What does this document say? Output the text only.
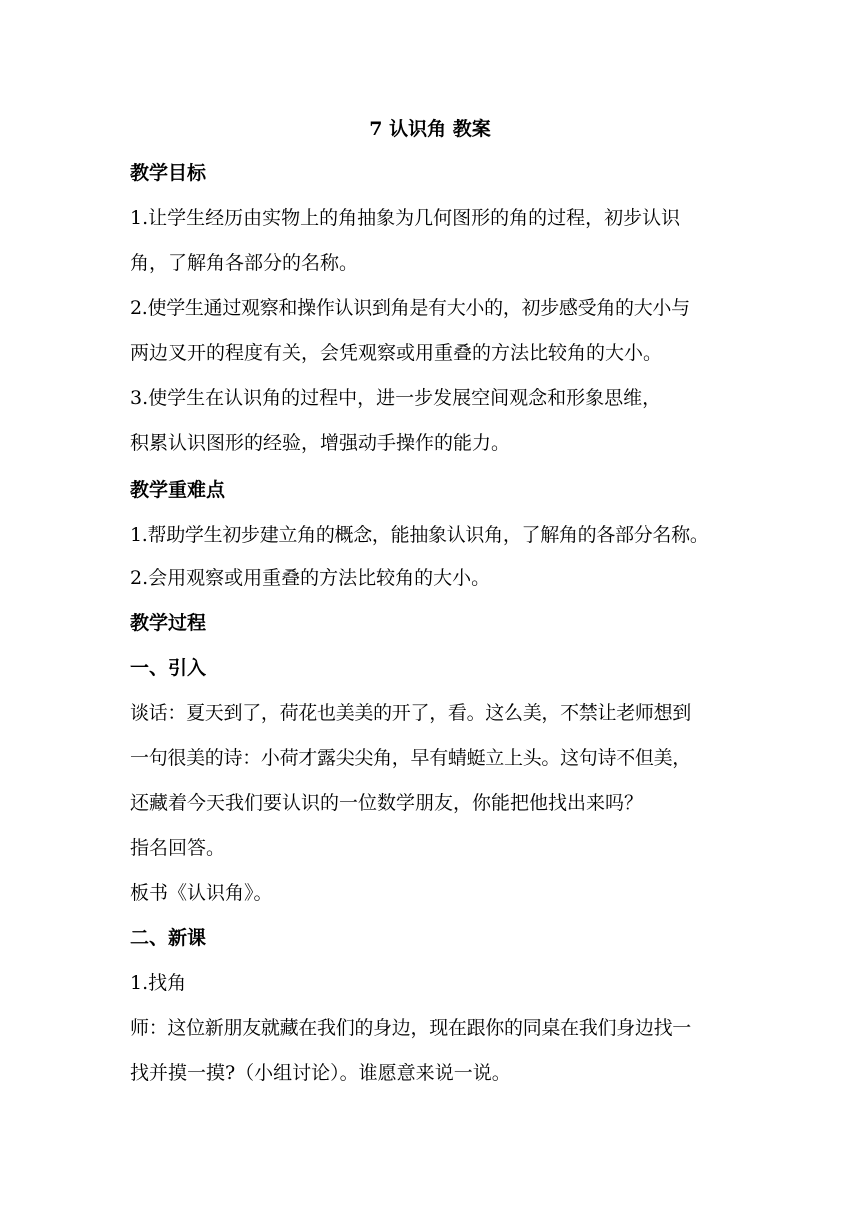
7 认识角 教案
教学目标
1.让学生经历由实物上的角抽象为几何图形的角的过程，初步认识
角，了解角各部分的名称。
2.使学生通过观察和操作认识到角是有大小的，初步感受角的大小与
两边叉开的程度有关，会凭观察或用重叠的方法比较角的大小。
3.使学生在认识角的过程中，进一步发展空间观念和形象思维，
积累认识图形的经验，增强动手操作的能力。
教学重难点
1.帮助学生初步建立角的概念，能抽象认识角，了解角的各部分名称。
2.会用观察或用重叠的方法比较角的大小。
教学过程
一、引入
谈话：夏天到了，荷花也美美的开了，看。这么美，不禁让老师想到
一句很美的诗：小荷才露尖尖角，早有蜻蜓立上头。这句诗不但美，
还藏着今天我们要认识的一位数学朋友，你能把他找出来吗？
指名回答。
板书《认识角》。
二、新课
1.找角
师：这位新朋友就藏在我们的身边，现在跟你的同桌在我们身边找一
找并摸一摸?（小组讨论）。谁愿意来说一说。
